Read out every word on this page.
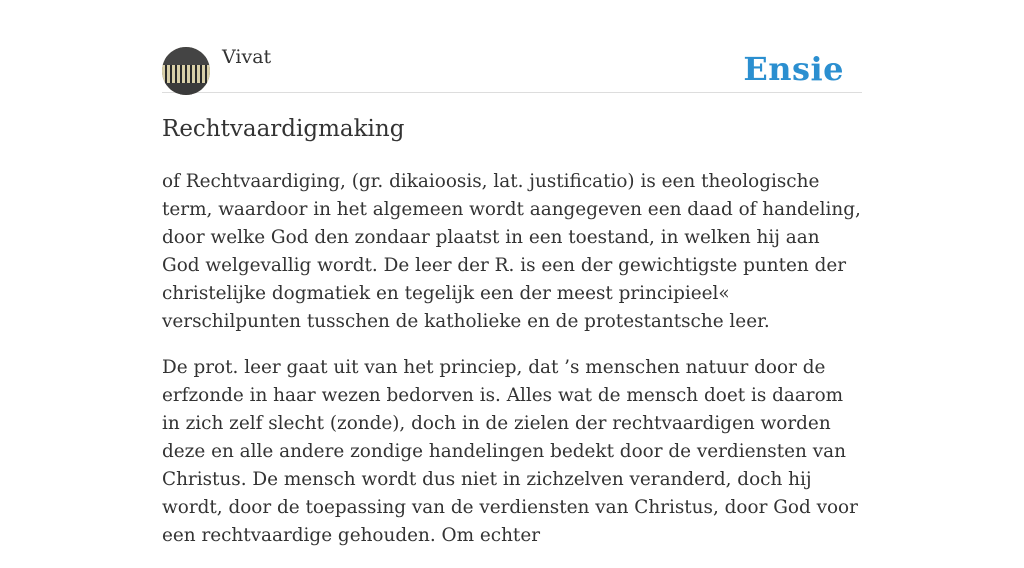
Vivat	Ensie
Rechtvaardigmaking

of Rechtvaardiging, (gr. dikaioosis, lat. justificatio) is een theologische term, waardoor in het algemeen wordt aangegeven een daad of handeling, door welke God den zondaar plaatst in een toestand, in welken hij aan God welgevallig wordt. De leer der R. is een der gewichtigste punten der christelijke dogmatiek en tegelijk een der meest principieel« verschilpunten tusschen de katholieke en de protestantsche leer.

De prot. leer gaat uit van het princiep, dat ’s menschen natuur door de erfzonde in haar wezen bedorven is. Alles wat de mensch doet is daarom in zich zelf slecht (zonde), doch in de zielen der rechtvaardigen worden deze en alle andere zondige handelingen bedekt door de verdiensten van Christus. De mensch wordt dus niet in zichzelven veranderd, doch hij wordt, door de toepassing van de verdiensten van Christus, door God voor een rechtvaardige gehouden. Om echter
